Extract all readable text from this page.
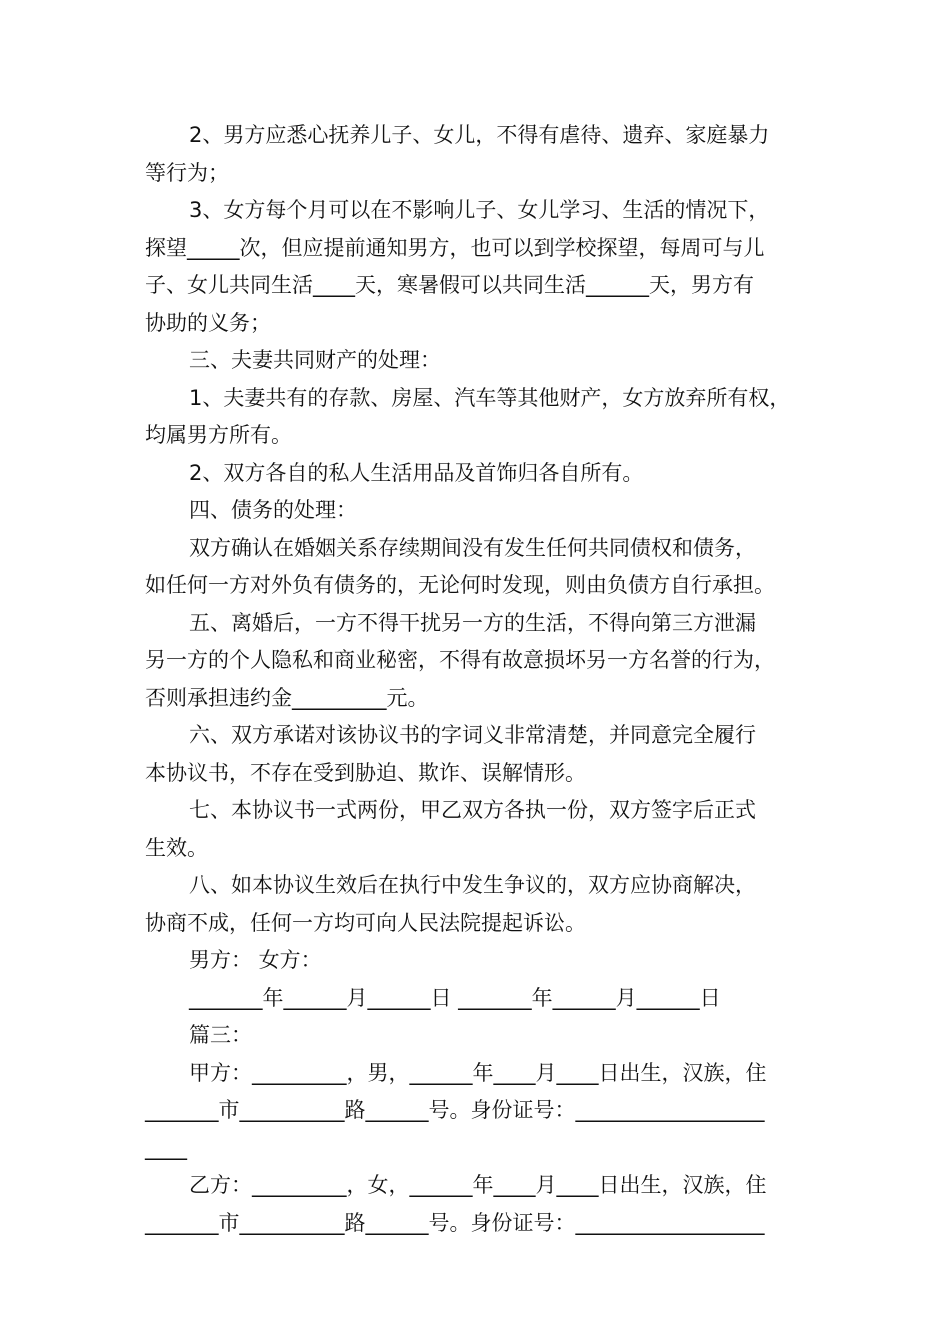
2、男方应悉心抚养儿子、女儿，不得有虐待、遗弃、家庭暴力
等行为；
3、女方每个月可以在不影响儿子、女儿学习、生活的情况下，
探望_____次，但应提前通知男方，也可以到学校探望，每周可与儿
子、女儿共同生活____天，寒暑假可以共同生活______天，男方有
协助的义务；
三、夫妻共同财产的处理：
1、夫妻共有的存款、房屋、汽车等其他财产，女方放弃所有权，
均属男方所有。
2、双方各自的私人生活用品及首饰归各自所有。
四、债务的处理：
双方确认在婚姻关系存续期间没有发生任何共同债权和债务，
如任何一方对外负有债务的，无论何时发现，则由负债方自行承担。
五、离婚后，一方不得干扰另一方的生活，不得向第三方泄漏
另一方的个人隐私和商业秘密，不得有故意损坏另一方名誉的行为，
否则承担违约金_________元。
六、双方承诺对该协议书的字词义非常清楚，并同意完全履行
本协议书，不存在受到胁迫、欺诈、误解情形。
七、本协议书一式两份，甲乙双方各执一份，双方签字后正式
生效。
八、如本协议生效后在执行中发生争议的，双方应协商解决，
协商不成，任何一方均可向人民法院提起诉讼。
男方： 女方：
_______年______月______日 _______年______月______日
篇三：
甲方：_________，男，______年____月____日出生，汉族，住
_______市__________路______号。身份证号：__________________
____
乙方：_________，女，______年____月____日出生，汉族，住
_______市__________路______号。身份证号：__________________
